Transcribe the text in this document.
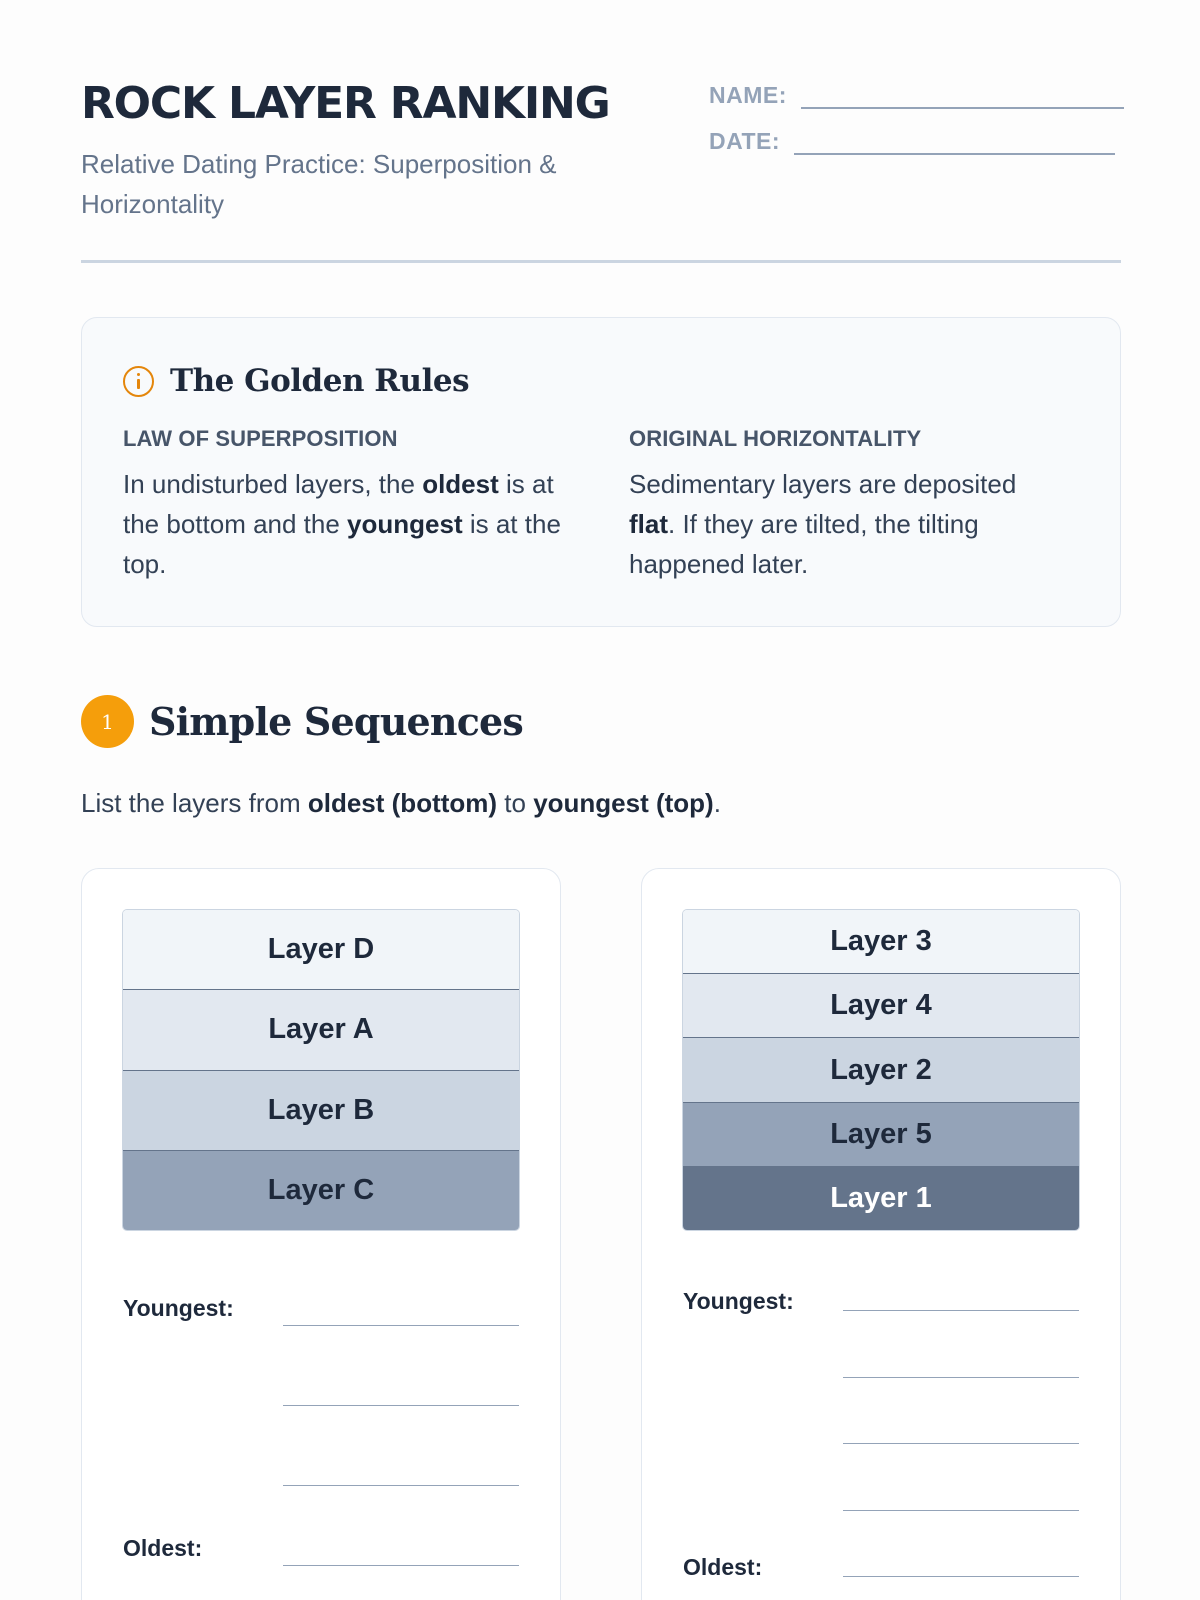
ROCK LAYER RANKING
Relative Dating Practice: Superposition & Horizontality
NAME:
DATE:
The Golden Rules
LAW OF SUPERPOSITION

In undisturbed layers, the oldest is at the bottom and the youngest is at the top.

ORIGINAL HORIZONTALITY

Sedimentary layers are deposited flat. If they are tilted, the tilting happened later.

1 Simple Sequences
List the layers from oldest (bottom) to youngest (top).
Layer D
Layer A
Layer B
Layer C
Youngest:
Oldest:
Layer 3
Layer 4
Layer 2
Layer 5
Layer 1
Youngest:
Oldest:
